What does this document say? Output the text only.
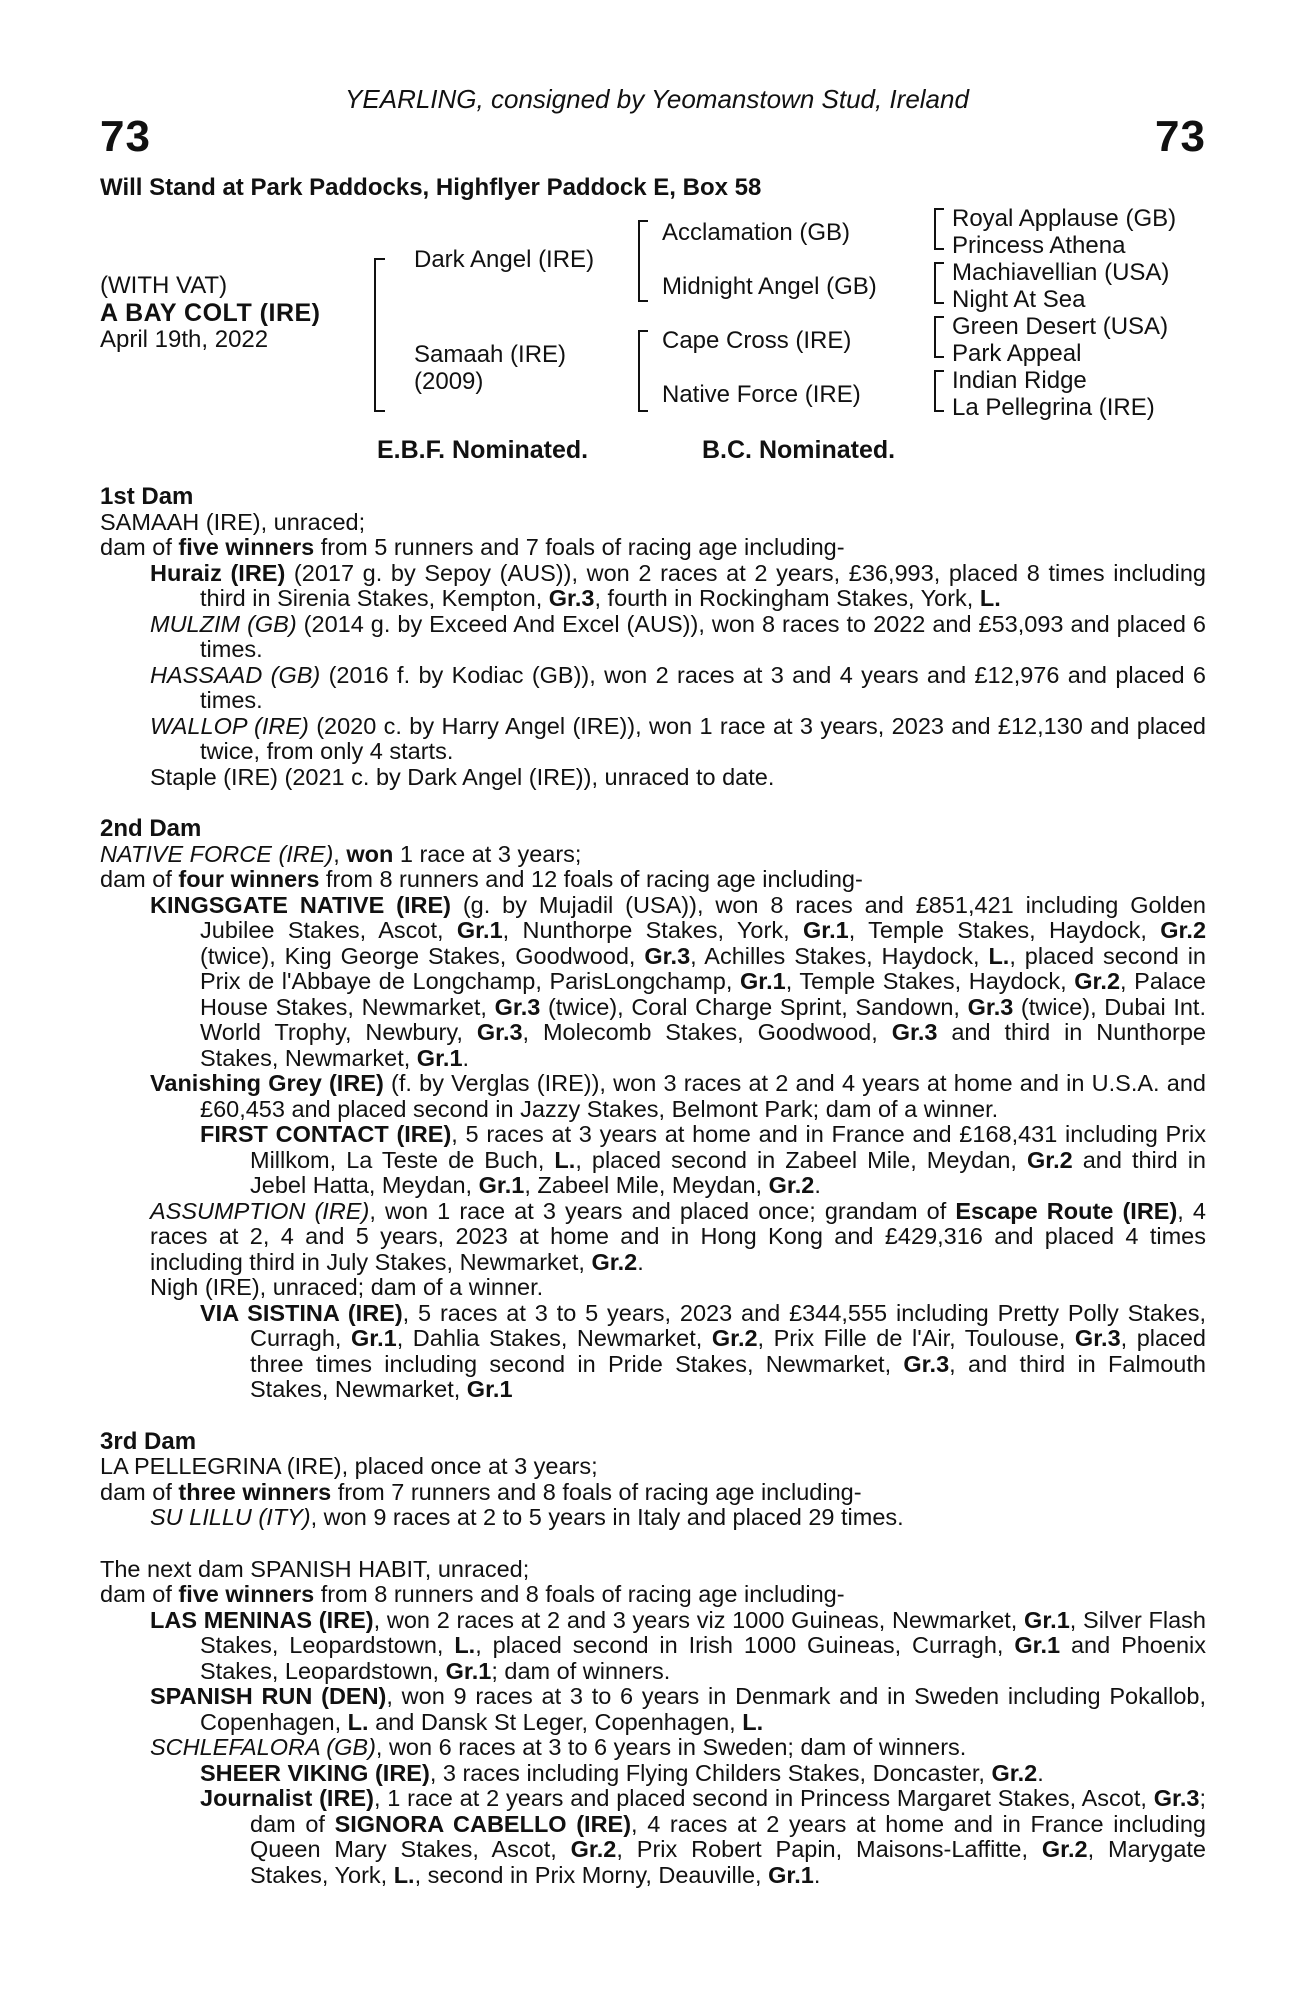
YEARLING, consigned by Yeomanstown Stud, Ireland
73	73
Will Stand at Park Paddocks, Highflyer Paddock E, Box 58
(WITH VAT)
A BAY COLT (IRE)
April 19th, 2022
Dark Angel (IRE)
Samaah (IRE)
(2009)
Acclamation (GB)
Midnight Angel (GB)
Cape Cross (IRE)
Native Force (IRE)
Royal Applause (GB)
Princess Athena
Machiavellian (USA)
Night At Sea
Green Desert (USA)
Park Appeal
Indian Ridge
La Pellegrina (IRE)
E.B.F. Nominated.	B.C. Nominated.
1st Dam
SAMAAH (IRE), unraced;
dam of five winners from 5 runners and 7 foals of racing age including-
Huraiz (IRE) (2017 g. by Sepoy (AUS)), won 2 races at 2 years, £36,993, placed 8 times including third in Sirenia Stakes, Kempton, Gr.3, fourth in Rockingham Stakes, York, L.
MULZIM (GB) (2014 g. by Exceed And Excel (AUS)), won 8 races to 2022 and £53,093 and placed 6 times.
HASSAAD (GB) (2016 f. by Kodiac (GB)), won 2 races at 3 and 4 years and £12,976 and placed 6 times.
WALLOP (IRE) (2020 c. by Harry Angel (IRE)), won 1 race at 3 years, 2023 and £12,130 and placed twice, from only 4 starts.
Staple (IRE) (2021 c. by Dark Angel (IRE)), unraced to date.
2nd Dam
NATIVE FORCE (IRE), won 1 race at 3 years;
dam of four winners from 8 runners and 12 foals of racing age including-
KINGSGATE NATIVE (IRE) (g. by Mujadil (USA)), won 8 races and £851,421 including Golden Jubilee Stakes, Ascot, Gr.1, Nunthorpe Stakes, York, Gr.1, Temple Stakes, Haydock, Gr.2 (twice), King George Stakes, Goodwood, Gr.3, Achilles Stakes, Haydock, L., placed second in Prix de l'Abbaye de Longchamp, ParisLongchamp, Gr.1, Temple Stakes, Haydock, Gr.2, Palace House Stakes, Newmarket, Gr.3 (twice), Coral Charge Sprint, Sandown, Gr.3 (twice), Dubai Int. World Trophy, Newbury, Gr.3, Molecomb Stakes, Goodwood, Gr.3 and third in Nunthorpe Stakes, Newmarket, Gr.1.
Vanishing Grey (IRE) (f. by Verglas (IRE)), won 3 races at 2 and 4 years at home and in U.S.A. and £60,453 and placed second in Jazzy Stakes, Belmont Park; dam of a winner.
FIRST CONTACT (IRE), 5 races at 3 years at home and in France and £168,431 including Prix Millkom, La Teste de Buch, L., placed second in Zabeel Mile, Meydan, Gr.2 and third in Jebel Hatta, Meydan, Gr.1, Zabeel Mile, Meydan, Gr.2.
ASSUMPTION (IRE), won 1 race at 3 years and placed once; grandam of Escape Route (IRE), 4 races at 2, 4 and 5 years, 2023 at home and in Hong Kong and £429,316 and placed 4 times including third in July Stakes, Newmarket, Gr.2.
Nigh (IRE), unraced; dam of a winner.
VIA SISTINA (IRE), 5 races at 3 to 5 years, 2023 and £344,555 including Pretty Polly Stakes, Curragh, Gr.1, Dahlia Stakes, Newmarket, Gr.2, Prix Fille de l'Air, Toulouse, Gr.3, placed three times including second in Pride Stakes, Newmarket, Gr.3, and third in Falmouth Stakes, Newmarket, Gr.1
3rd Dam
LA PELLEGRINA (IRE), placed once at 3 years;
dam of three winners from 7 runners and 8 foals of racing age including-
SU LILLU (ITY), won 9 races at 2 to 5 years in Italy and placed 29 times.
The next dam SPANISH HABIT, unraced;
dam of five winners from 8 runners and 8 foals of racing age including-
LAS MENINAS (IRE), won 2 races at 2 and 3 years viz 1000 Guineas, Newmarket, Gr.1, Silver Flash Stakes, Leopardstown, L., placed second in Irish 1000 Guineas, Curragh, Gr.1 and Phoenix Stakes, Leopardstown, Gr.1; dam of winners.
SPANISH RUN (DEN), won 9 races at 3 to 6 years in Denmark and in Sweden including Pokallob, Copenhagen, L. and Dansk St Leger, Copenhagen, L.
SCHLEFALORA (GB), won 6 races at 3 to 6 years in Sweden; dam of winners.
SHEER VIKING (IRE), 3 races including Flying Childers Stakes, Doncaster, Gr.2.
Journalist (IRE), 1 race at 2 years and placed second in Princess Margaret Stakes, Ascot, Gr.3; dam of SIGNORA CABELLO (IRE), 4 races at 2 years at home and in France including Queen Mary Stakes, Ascot, Gr.2, Prix Robert Papin, Maisons-Laffitte, Gr.2, Marygate Stakes, York, L., second in Prix Morny, Deauville, Gr.1.
